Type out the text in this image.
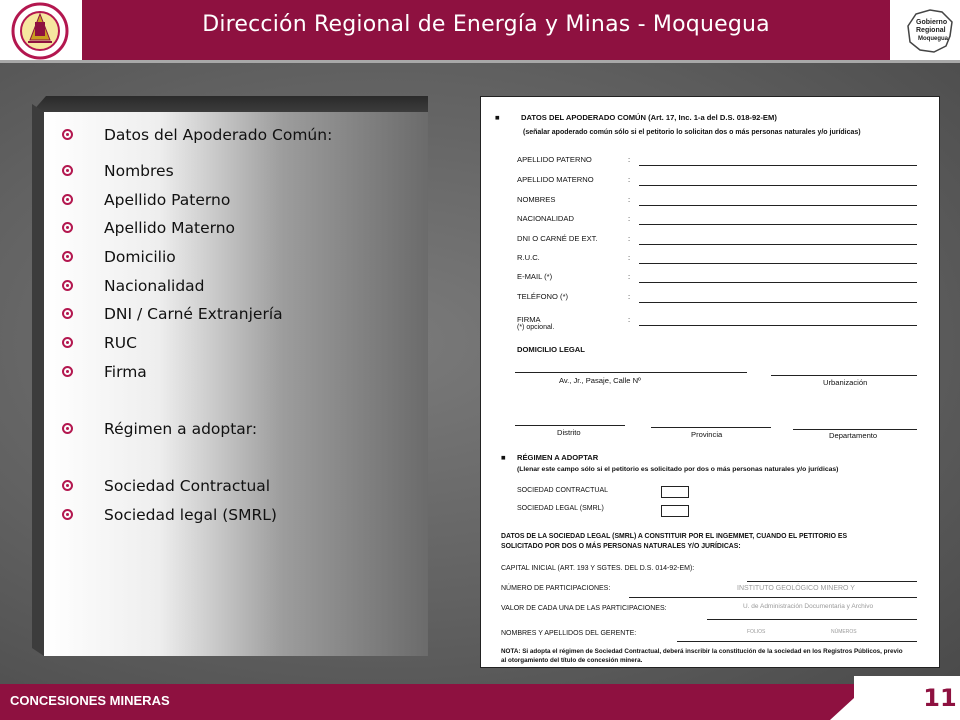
Dirección Regional de Energía y Minas - Moquegua	Gobierno
Regional
Moquegua
Datos del Apoderado Común:
Nombres
Apellido Paterno
Apellido Materno
Domicilio
Nacionalidad
DNI / Carné Extranjería
RUC
Firma
Régimen a adoptar:
Sociedad Contractual
Sociedad legal (SMRL)
■	DATOS DEL APODERADO COMÚN (Art. 17, Inc. 1-a del D.S. 018-92-EM)
(señalar apoderado común sólo si el petitorio lo solicitan dos o más personas naturales y/o jurídicas)
APELLIDO PATERNO	:
APELLIDO MATERNO	:
NOMBRES	:
NACIONALIDAD	:
DNI O CARNÉ DE EXT.	:
R.U.C.	:
E-MAIL (*)	:
TELÉFONO (*)	:
FIRMA	:
(*) opcional.
DOMICILIO LEGAL
Av., Jr., Pasaje, Calle Nº	Urbanización
Distrito	Provincia	Departamento
■ RÉGIMEN A ADOPTAR
(Llenar este campo sólo si el petitorio es solicitado por dos o más personas naturales y/o jurídicas)
SOCIEDAD CONTRACTUAL
SOCIEDAD LEGAL (SMRL)
DATOS DE LA SOCIEDAD LEGAL (SMRL) A CONSTITUIR POR EL INGEMMET, CUANDO EL PETITORIO ES
SOLICITADO POR DOS O MÁS PERSONAS NATURALES Y/O JURÍDICAS:
CAPITAL INICIAL (ART. 193 Y SGTES. DEL D.S. 014-92-EM):
NÚMERO DE PARTICIPACIONES:
VALOR DE CADA UNA DE LAS PARTICIPACIONES:
NOMBRES Y APELLIDOS DEL GERENTE:
INSTITUTO GEOLÓGICO MINERO Y
U. de Administración Documentaria y Archivo
FOLIOS	NÚMEROS
NOTA: Si adopta el régimen de Sociedad Contractual, deberá inscribir la constitución de la sociedad en los Registros Públicos, previo
al otorgamiento del título de concesión minera.
CONCESIONES MINERAS	11
